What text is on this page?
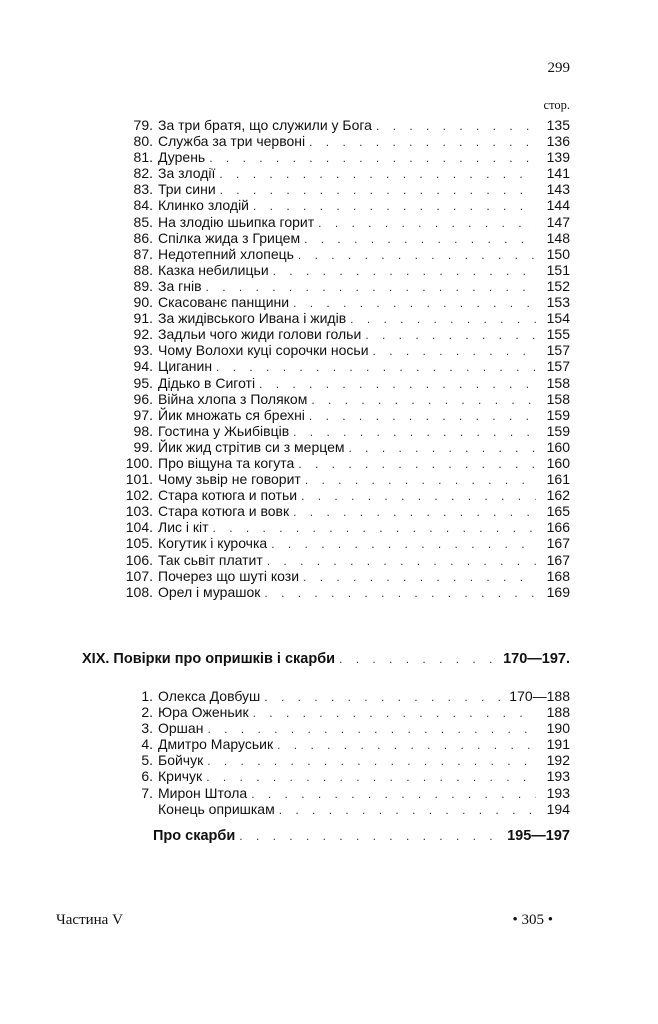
299
стор.
79. За три братя, що служили у Бога . . .	135
80. Служба за три червоні . . .	136
81. Дурень . . .	139
82. За злодії . . .	141
83. Три сини . . .	143
84. Клинко злодій . . .	144
85. На злодію шьипка горит . . .	147
86. Спілка жида з Грицем . . .	148
87. Недотепний хлопець . . .	150
88. Казка небилицьи . . .	151
89. За гнів . . .	152
90. Скасованє панщини . . .	153
91. За жидівського Ивана і жидів . . .	154
92. Задльи чого жиди голови гольи . . .	155
93. Чому Волохи куці сорочки носьи . . .	157
94. Циганин . . .	157
95. Дідько в Сиготі . . .	158
96. Війна хлопа з Поляком . . .	158
97. Йик множать ся брехні . . .	159
98. Гостина у Жьибівців . . .	159
99. Йик жид стрітив си з мерцем . . .	160
100. Про віщуна та когута . . .	160
101. Чому зьвір не говорит . . .	161
102. Стара котюга и потьи . . .	162
103. Стара котюга и вовк . . .	165
104. Лис і кіт . . .	166
105. Когутик і курочка . . .	167
106. Так сьвіт платит . . .	167
107. Почерез що шуті кози . . .	168
108. Орел і мурашок . . .	169
XIX. Повірки про опришків і скарби . . .	170—197.
1. Олекса Довбуш . . .	170—188
2. Юра Оженьик . . .	188
3. Оршан . . .	190
4. Дмитро Марусьик . . .	191
5. Бойчук . . .	192
6. Кричук . . .	193
7. Мирон Штола . . .	193
Конець опришкам . . .	194
Про скарби . . .	195—197
Частина V	• 305 •
